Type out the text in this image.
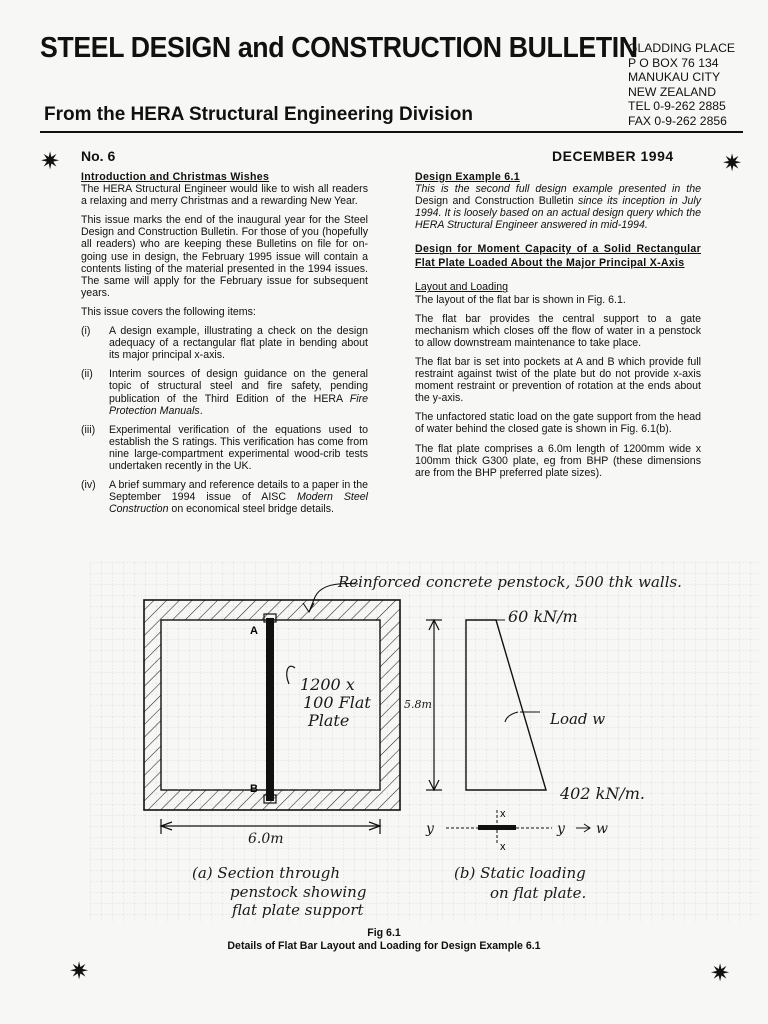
STEEL DESIGN and CONSTRUCTION BULLETIN
From the HERA Structural Engineering Division
GLADDING PLACE
P O BOX 76 134
MANUKAU CITY
NEW ZEALAND
TEL 0-9-262 2885
FAX 0-9-262 2856
✷	✷
✷	✷
No. 6	DECEMBER 1994
Introduction and Christmas Wishes

The HERA Structural Engineer would like to wish all readers a relaxing and merry Christmas and a rewarding New Year.

This issue marks the end of the inaugural year for the Steel Design and Construction Bulletin. For those of you (hopefully all readers) who are keeping these Bulletins on file for on-going use in design, the February 1995 issue will contain a contents listing of the material presented in the 1994 issues. The same will apply for the February issue for subsequent years.

This issue covers the following items:

(i)	A design example, illustrating a check on the design adequacy of a rectangular flat plate in bending about its major principal x-axis.
(ii)	Interim sources of design guidance on the general topic of structural steel and fire safety, pending publication of the Third Edition of the HERA Fire Protection Manuals.
(iii)	Experimental verification of the equations used to establish the S ratings. This verification has come from nine large-compartment experimental wood-crib tests undertaken recently in the UK.
(iv)	A brief summary and reference details to a paper in the September 1994 issue of AISC Modern Steel Construction on economical steel bridge details.
Design Example 6.1

This is the second full design example presented in the Design and Construction Bulletin since its inception in July 1994. It is loosely based on an actual design query which the HERA Structural Engineer answered in mid-1994.

Design for Moment Capacity of a Solid Rectangular Flat Plate Loaded About the Major Principal X-Axis

Layout and Loading

The layout of the flat bar is shown in Fig. 6.1.

The flat bar provides the central support to a gate mechanism which closes off the flow of water in a penstock to allow downstream maintenance to take place.

The flat bar is set into pockets at A and B which provide full restraint against twist of the plate but do not provide x-axis moment restraint or prevention of rotation at the ends about the y-axis.

The unfactored static load on the gate support from the head of water behind the closed gate is shown in Fig. 6.1(b).

The flat plate comprises a 6.0m length of 1200mm wide x 100mm thick G300 plate, eg from BHP (these dimensions are from the BHP preferred plate sizes).

A
B
Reinforced concrete penstock, 500 thk walls.
1200 x
100 Flat
Plate
5.8m
6.0m
60 kN/m
Load w
402 kN/m.
x
x
y	y w
(a) Section through
penstock showing
flat plate support
(b) Static loading
on flat plate.
Fig 6.1
Details of Flat Bar Layout and Loading for Design Example 6.1
